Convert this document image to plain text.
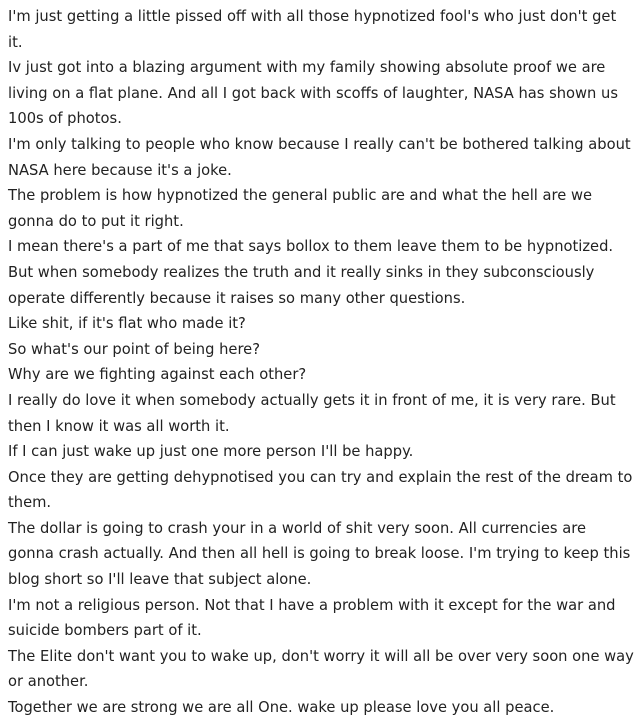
I'm just getting a little pissed off with all those hypnotized fool's who just don't get it.

Iv just got into a blazing argument with my family showing absolute proof we are living on a flat plane. And all I got back with scoffs of laughter, NASA has shown us 100s of photos.

I'm only talking to people who know because I really can't be bothered talking about NASA here because it's a joke.

The problem is how hypnotized the general public are and what the hell are we gonna do to put it right.

I mean there's a part of me that says bollox to them leave them to be hypnotized.

But when somebody realizes the truth and it really sinks in they subconsciously operate differently because it raises so many other questions.

Like shit, if it's flat who made it?

So what's our point of being here?

Why are we fighting against each other?

I really do love it when somebody actually gets it in front of me, it is very rare. But then I know it was all worth it.

If I can just wake up just one more person I'll be happy.

Once they are getting dehypnotised you can try and explain the rest of the dream to them.

The dollar is going to crash your in a world of shit very soon. All currencies are gonna crash actually. And then all hell is going to break loose. I'm trying to keep this blog short so I'll leave that subject alone.

I'm not a religious person. Not that I have a problem with it except for the war and suicide bombers part of it.

The Elite don't want you to wake up, don't worry it will all be over very soon one way or another.

Together we are strong we are all One. wake up please love you all peace.
